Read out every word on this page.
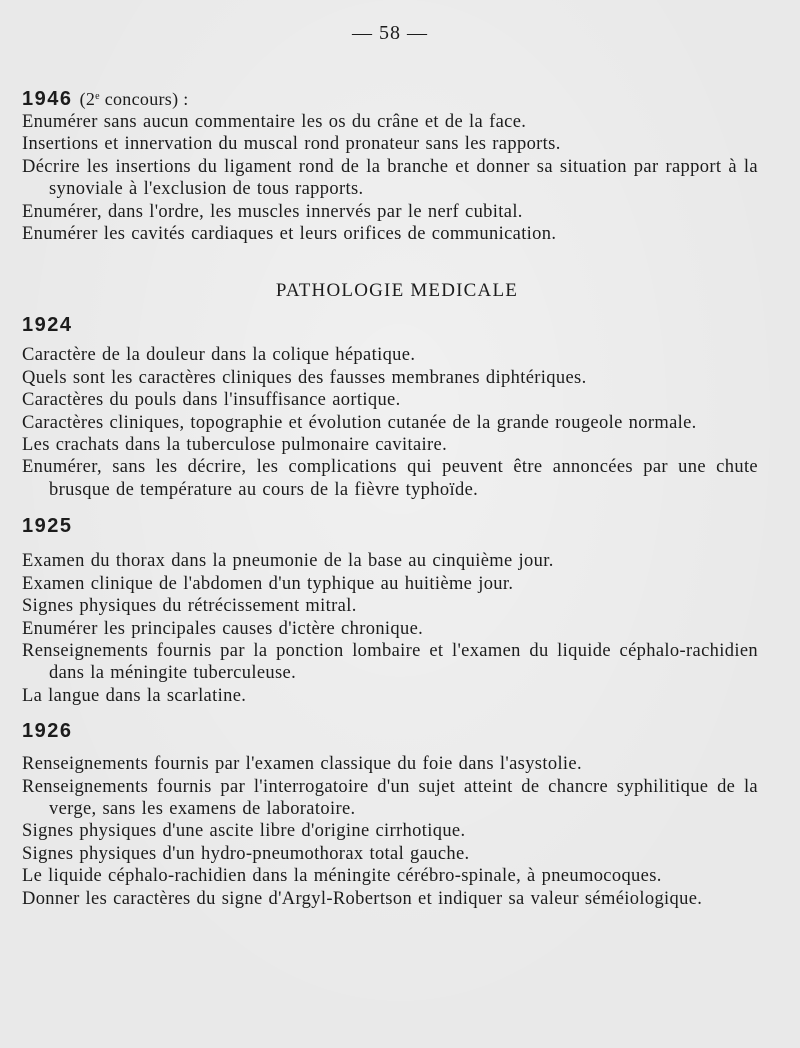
— 58 —
1946 (2e concours) :
Enumérer sans aucun commentaire les os du crâne et de la face.
Insertions et innervation du muscal rond pronateur sans les rapports.
Décrire les insertions du ligament rond de la branche et donner sa situation par rapport à la synoviale à l'exclusion de tous rapports.
Enumérer, dans l'ordre, les muscles innervés par le nerf cubital.
Enumérer les cavités cardiaques et leurs orifices de communication.
PATHOLOGIE MEDICALE
1924
Caractère de la douleur dans la colique hépatique.
Quels sont les caractères cliniques des fausses membranes diphtériques.
Caractères du pouls dans l'insuffisance aortique.
Caractères cliniques, topographie et évolution cutanée de la grande rougeole normale.
Les crachats dans la tuberculose pulmonaire cavitaire.
Enumérer, sans les décrire, les complications qui peuvent être annoncées par une chute brusque de température au cours de la fièvre typhoïde.
1925
Examen du thorax dans la pneumonie de la base au cinquième jour.
Examen clinique de l'abdomen d'un typhique au huitième jour.
Signes physiques du rétrécissement mitral.
Enumérer les principales causes d'ictère chronique.
Renseignements fournis par la ponction lombaire et l'examen du liquide céphalo-rachidien dans la méningite tuberculeuse.
La langue dans la scarlatine.
1926
Renseignements fournis par l'examen classique du foie dans l'asystolie.
Renseignements fournis par l'interrogatoire d'un sujet atteint de chancre syphilitique de la verge, sans les examens de laboratoire.
Signes physiques d'une ascite libre d'origine cirrhotique.
Signes physiques d'un hydro-pneumothorax total gauche.
Le liquide céphalo-rachidien dans la méningite cérébro-spinale, à pneumocoques.
Donner les caractères du signe d'Argyl-Robertson et indiquer sa valeur séméiologique.
